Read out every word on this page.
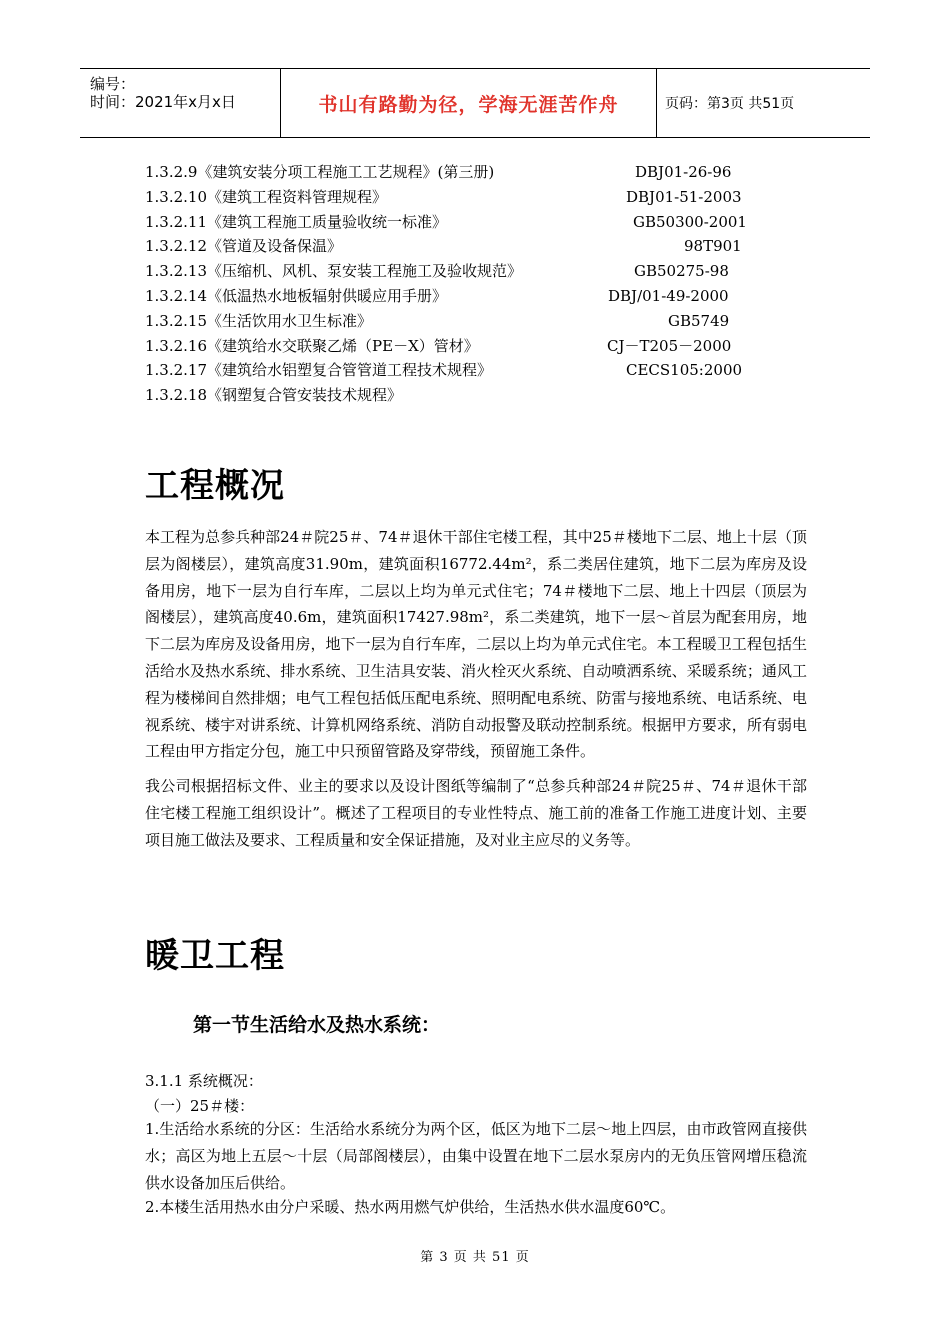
编号：
时间：2021年x月x日	书山有路勤为径，学海无涯苦作舟	页码：第3页 共51页
1.3.2.9《建筑安装分项工程施工工艺规程》(第三册)	DBJ01-26-96
1.3.2.10《建筑工程资料管理规程》	DBJ01-51-2003
1.3.2.11《建筑工程施工质量验收统一标准》	GB50300-2001
1.3.2.12《管道及设备保温》	98T901
1.3.2.13《压缩机、风机、泵安装工程施工及验收规范》	GB50275-98
1.3.2.14《低温热水地板辐射供暖应用手册》	DBJ/01-49-2000
1.3.2.15《生活饮用水卫生标准》	GB5749
1.3.2.16《建筑给水交联聚乙烯（PE－X）管材》	CJ－T205－2000
1.3.2.17《建筑给水铝塑复合管管道工程技术规程》	CECS105:2000
1.3.2.18《钢塑复合管安装技术规程》
工程概况
本工程为总参兵种部24＃院25＃、74＃退休干部住宅楼工程，其中25＃楼地下二层、地上十层（顶层为阁楼层），建筑高度31.90m，建筑面积16772.44m²，系二类居住建筑，地下二层为库房及设备用房，地下一层为自行车库，二层以上均为单元式住宅；74＃楼地下二层、地上十四层（顶层为阁楼层），建筑高度40.6m，建筑面积17427.98m²，系二类建筑，地下一层～首层为配套用房，地下二层为库房及设备用房，地下一层为自行车库，二层以上均为单元式住宅。本工程暖卫工程包括生活给水及热水系统、排水系统、卫生洁具安装、消火栓灭火系统、自动喷洒系统、采暖系统；通风工程为楼梯间自然排烟；电气工程包括低压配电系统、照明配电系统、防雷与接地系统、电话系统、电视系统、楼宇对讲系统、计算机网络系统、消防自动报警及联动控制系统。根据甲方要求，所有弱电工程由甲方指定分包，施工中只预留管路及穿带线，预留施工条件。
我公司根据招标文件、业主的要求以及设计图纸等编制了“总参兵种部24＃院25＃、74＃退休干部住宅楼工程施工组织设计”。概述了工程项目的专业性特点、施工前的准备工作施工进度计划、主要项目施工做法及要求、工程质量和安全保证措施，及对业主应尽的义务等。
暖卫工程
第一节生活给水及热水系统：
3.1.1 系统概况：
（一）25＃楼：
1.生活给水系统的分区：生活给水系统分为两个区，低区为地下二层～地上四层，由市政管网直接供水；高区为地上五层～十层（局部阁楼层），由集中设置在地下二层水泵房内的无负压管网增压稳流供水设备加压后供给。
2.本楼生活用热水由分户采暖、热水两用燃气炉供给，生活热水供水温度60℃。
第 3 页 共 51 页
